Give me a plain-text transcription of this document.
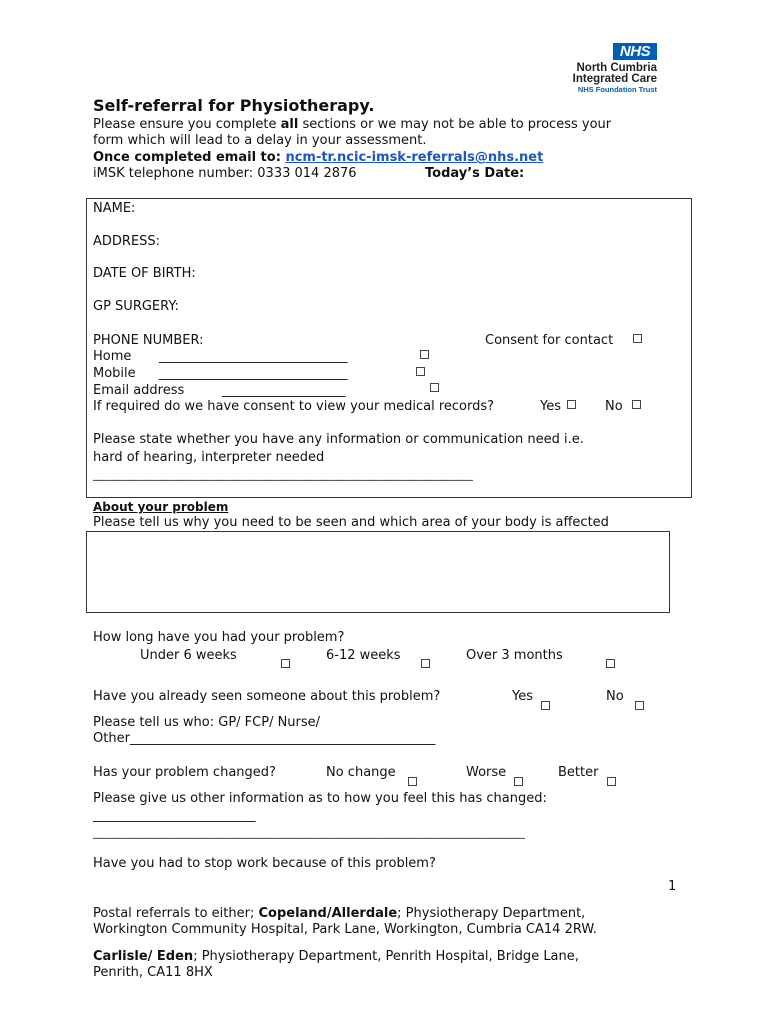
NHS
North Cumbria
Integrated Care
NHS Foundation Trust
Self-referral for Physiotherapy.
Please ensure you complete all sections or we may not be able to process your
form which will lead to a delay in your assessment.
Once completed email to: ncm-tr.ncic-imsk-referrals@nhs.net
iMSK telephone number: 0333 014 2876	Today’s Date:
NAME:
ADDRESS:
DATE OF BIRTH:
GP SURGERY:
PHONE NUMBER:	Consent for contact
Home _____________________________
Mobile _____________________________
Email address	___________________
If required do we have consent to view your medical records?	Yes	No
Please state whether you have any information or communication need i.e.
hard of hearing, interpreter needed
_________________________________________________________________________
About your problem
Please tell us why you need to be seen and which area of your body is affected
How long have you had your problem?
Under 6 weeks	6-12 weeks	Over 3 months
Have you already seen someone about this problem?	Yes	No
Please tell us who: GP/ FCP/ Nurse/
Other_______________________________________________
Has your problem changed?	No change	Worse	Better
Please give us other information as to how you feel this has changed:
_________________________
___________________________________________________________________________________
Have you had to stop work because of this problem?
1
Postal referrals to either; Copeland/Allerdale; Physiotherapy Department,
Workington Community Hospital, Park Lane, Workington, Cumbria CA14 2RW.
Carlisle/ Eden; Physiotherapy Department, Penrith Hospital, Bridge Lane,
Penrith, CA11 8HX
